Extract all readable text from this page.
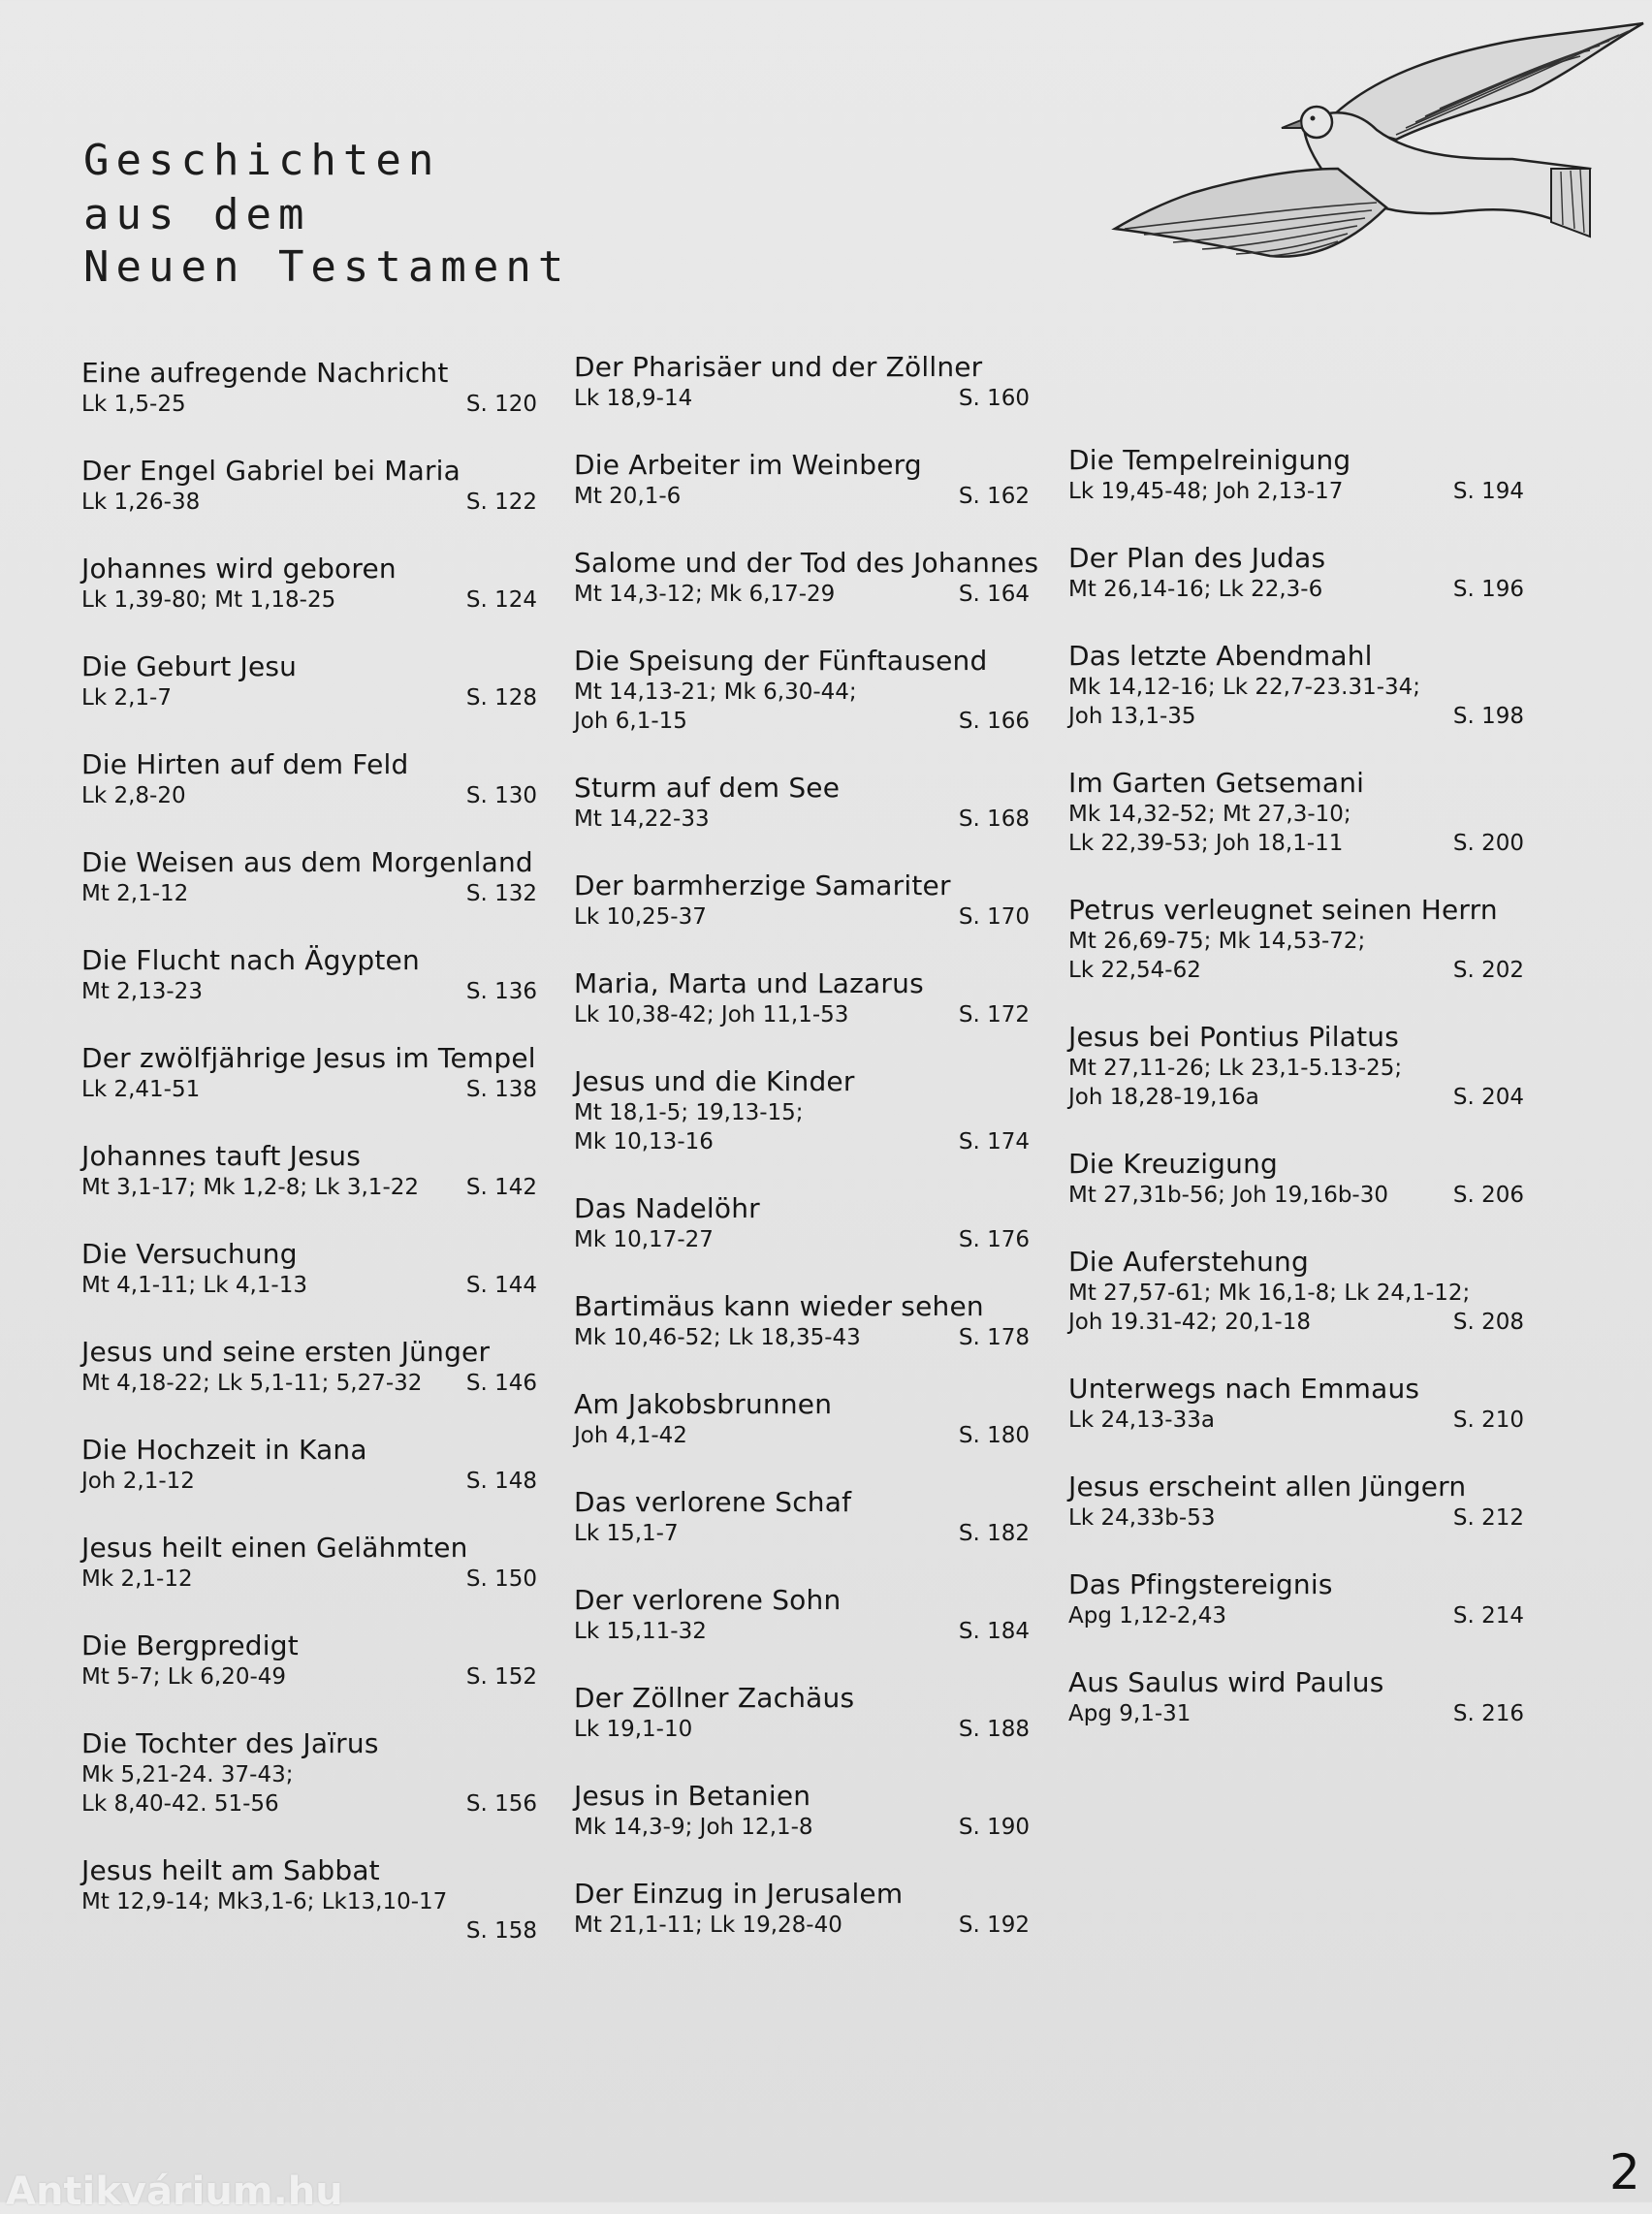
Geschichten
aus dem
Neuen Testament
Eine aufregende Nachricht
Lk 1,5-25	S. 120
Der Engel Gabriel bei Maria
Lk 1,26-38	S. 122
Johannes wird geboren
Lk 1,39-80; Mt 1,18-25	S. 124
Die Geburt Jesu
Lk 2,1-7	S. 128
Die Hirten auf dem Feld
Lk 2,8-20	S. 130
Die Weisen aus dem Morgenland
Mt 2,1-12	S. 132
Die Flucht nach Ägypten
Mt 2,13-23	S. 136
Der zwölfjährige Jesus im Tempel
Lk 2,41-51	S. 138
Johannes tauft Jesus
Mt 3,1-17; Mk 1,2-8; Lk 3,1-22	S. 142
Die Versuchung
Mt 4,1-11; Lk 4,1-13	S. 144
Jesus und seine ersten Jünger
Mt 4,18-22; Lk 5,1-11; 5,27-32	S. 146
Die Hochzeit in Kana
Joh 2,1-12	S. 148
Jesus heilt einen Gelähmten
Mk 2,1-12	S. 150
Die Bergpredigt
Mt 5-7; Lk 6,20-49	S. 152
Die Tochter des Jaïrus
Mk 5,21-24. 37-43;
Lk 8,40-42. 51-56	S. 156
Jesus heilt am Sabbat
Mt 12,9-14; Mk3,1-6; Lk13,10-17

S. 158
Der Pharisäer und der Zöllner
Lk 18,9-14	S. 160
Die Arbeiter im Weinberg
Mt 20,1-6	S. 162
Salome und der Tod des Johannes
Mt 14,3-12; Mk 6,17-29	S. 164
Die Speisung der Fünftausend
Mt 14,13-21; Mk 6,30-44;
Joh 6,1-15	S. 166
Sturm auf dem See
Mt 14,22-33	S. 168
Der barmherzige Samariter
Lk 10,25-37	S. 170
Maria, Marta und Lazarus
Lk 10,38-42; Joh 11,1-53	S. 172
Jesus und die Kinder
Mt 18,1-5; 19,13-15;
Mk 10,13-16	S. 174
Das Nadelöhr
Mk 10,17-27	S. 176
Bartimäus kann wieder sehen
Mk 10,46-52; Lk 18,35-43	S. 178
Am Jakobsbrunnen
Joh 4,1-42	S. 180
Das verlorene Schaf
Lk 15,1-7	S. 182
Der verlorene Sohn
Lk 15,11-32	S. 184
Der Zöllner Zachäus
Lk 19,1-10	S. 188
Jesus in Betanien
Mk 14,3-9; Joh 12,1-8	S. 190
Der Einzug in Jerusalem
Mt 21,1-11; Lk 19,28-40	S. 192
Die Tempelreinigung
Lk 19,45-48; Joh 2,13-17	S. 194
Der Plan des Judas
Mt 26,14-16; Lk 22,3-6	S. 196
Das letzte Abendmahl
Mk 14,12-16; Lk 22,7-23.31-34;
Joh 13,1-35	S. 198
Im Garten Getsemani
Mk 14,32-52; Mt 27,3-10;
Lk 22,39-53; Joh 18,1-11	S. 200
Petrus verleugnet seinen Herrn
Mt 26,69-75; Mk 14,53-72;
Lk 22,54-62	S. 202
Jesus bei Pontius Pilatus
Mt 27,11-26; Lk 23,1-5.13-25;
Joh 18,28-19,16a	S. 204
Die Kreuzigung
Mt 27,31b-56; Joh 19,16b-30	S. 206
Die Auferstehung
Mt 27,57-61; Mk 16,1-8; Lk 24,1-12;
Joh 19.31-42; 20,1-18	S. 208
Unterwegs nach Emmaus
Lk 24,13-33a	S. 210
Jesus erscheint allen Jüngern
Lk 24,33b-53	S. 212
Das Pfingstereignis
Apg 1,12-2,43	S. 214
Aus Saulus wird Paulus
Apg 9,1-31	S. 216
2
Antikvárium.hu
